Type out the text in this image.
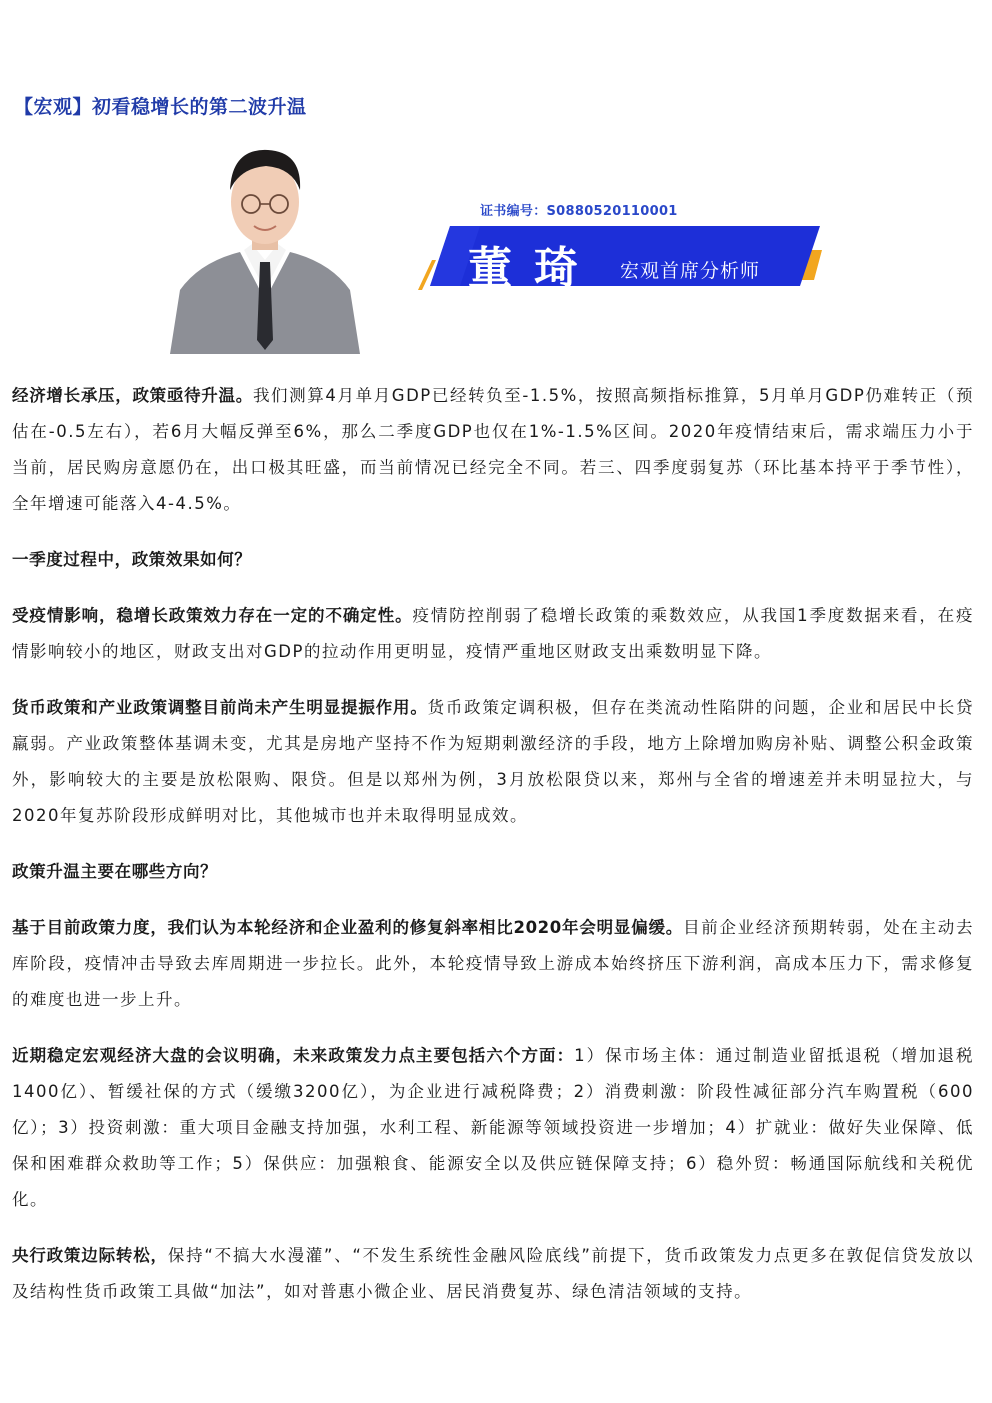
【宏观】初看稳增长的第二波升温
证书编号：S0880520110001
董琦 宏观首席分析师

经济增长承压，政策亟待升温。我们测算4月单月GDP已经转负至-1.5%，按照高频指标推算，5月单月GDP仍难转正（预估在-0.5左右），若6月大幅反弹至6%，那么二季度GDP也仅在1%-1.5%区间。2020年疫情结束后，需求端压力小于当前，居民购房意愿仍在，出口极其旺盛，而当前情况已经完全不同。若三、四季度弱复苏（环比基本持平于季节性），全年增速可能落入4-4.5%。

一季度过程中，政策效果如何？

受疫情影响，稳增长政策效力存在一定的不确定性。疫情防控削弱了稳增长政策的乘数效应，从我国1季度数据来看，在疫情影响较小的地区，财政支出对GDP的拉动作用更明显，疫情严重地区财政支出乘数明显下降。

货币政策和产业政策调整目前尚未产生明显提振作用。货币政策定调积极，但存在类流动性陷阱的问题，企业和居民中长贷羸弱。产业政策整体基调未变，尤其是房地产坚持不作为短期刺激经济的手段，地方上除增加购房补贴、调整公积金政策外，影响较大的主要是放松限购、限贷。但是以郑州为例，3月放松限贷以来，郑州与全省的增速差并未明显拉大，与2020年复苏阶段形成鲜明对比，其他城市也并未取得明显成效。

政策升温主要在哪些方向？

基于目前政策力度，我们认为本轮经济和企业盈利的修复斜率相比2020年会明显偏缓。目前企业经济预期转弱，处在主动去库阶段，疫情冲击导致去库周期进一步拉长。此外，本轮疫情导致上游成本始终挤压下游利润，高成本压力下，需求修复的难度也进一步上升。

近期稳定宏观经济大盘的会议明确，未来政策发力点主要包括六个方面：1）保市场主体：通过制造业留抵退税（增加退税1400亿）、暂缓社保的方式（缓缴3200亿），为企业进行减税降费；2）消费刺激：阶段性减征部分汽车购置税（600亿）；3）投资刺激：重大项目金融支持加强，水利工程、新能源等领域投资进一步增加；4）扩就业：做好失业保障、低保和困难群众救助等工作；5）保供应：加强粮食、能源安全以及供应链保障支持；6）稳外贸：畅通国际航线和关税优化。

央行政策边际转松，保持“不搞大水漫灌”、“不发生系统性金融风险底线”前提下，货币政策发力点更多在敦促信贷发放以及结构性货币政策工具做“加法”，如对普惠小微企业、居民消费复苏、绿色清洁领域的支持。
